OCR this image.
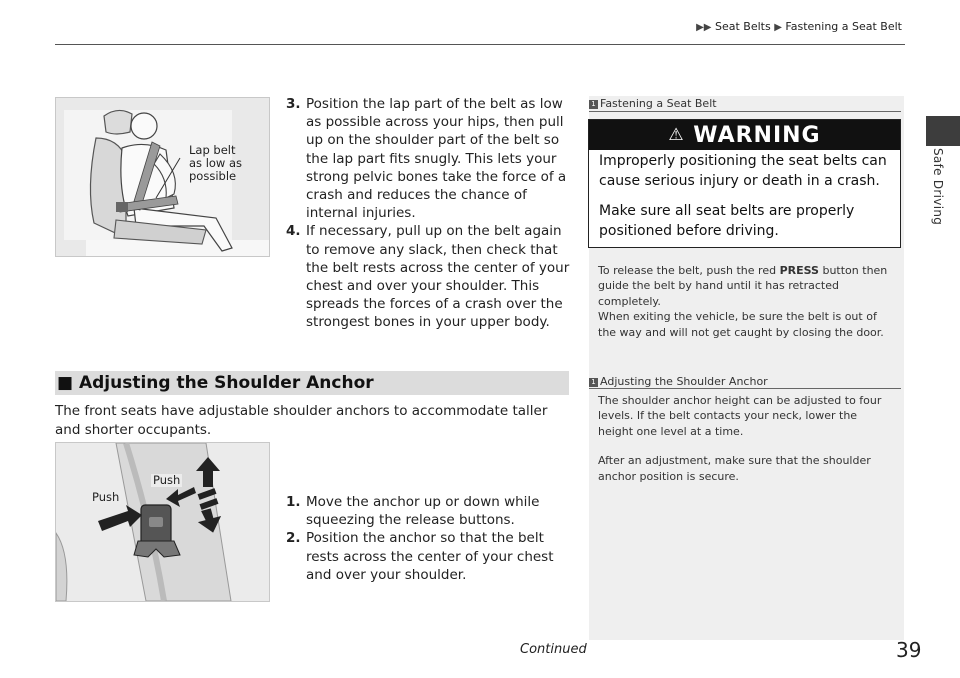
▶▶ Seat Belts ▶ Fastening a Seat Belt
Safe Driving
Lap belt
as low as
possible
3. Position the lap part of the belt as low as possible across your hips, then pull up on the shoulder part of the belt so the lap part fits snugly. This lets your strong pelvic bones take the force of a crash and reduces the chance of internal injuries.
4. If necessary, pull up on the belt again to remove any slack, then check that the belt rests across the center of your chest and over your shoulder. This spreads the forces of a crash over the strongest bones in your upper body.
1 Fastening a Seat Belt
⚠ WARNING

Improperly positioning the seat belts can cause serious injury or death in a crash.

Make sure all seat belts are properly positioned before driving.

To release the belt, push the red PRESS button then guide the belt by hand until it has retracted completely.

When exiting the vehicle, be sure the belt is out of the way and will not get caught by closing the door.

■ Adjusting the Shoulder Anchor

The front seats have adjustable shoulder anchors to accommodate taller and shorter occupants.

1 Adjusting the Shoulder Anchor

The shoulder anchor height can be adjusted to four levels. If the belt contacts your neck, lower the height one level at a time.

After an adjustment, make sure that the shoulder anchor position is secure.

Push
Push	1. Move the anchor up or down while squeezing the release buttons.
2. Position the anchor so that the belt rests across the center of your chest and over your shoulder.
Continued	39
